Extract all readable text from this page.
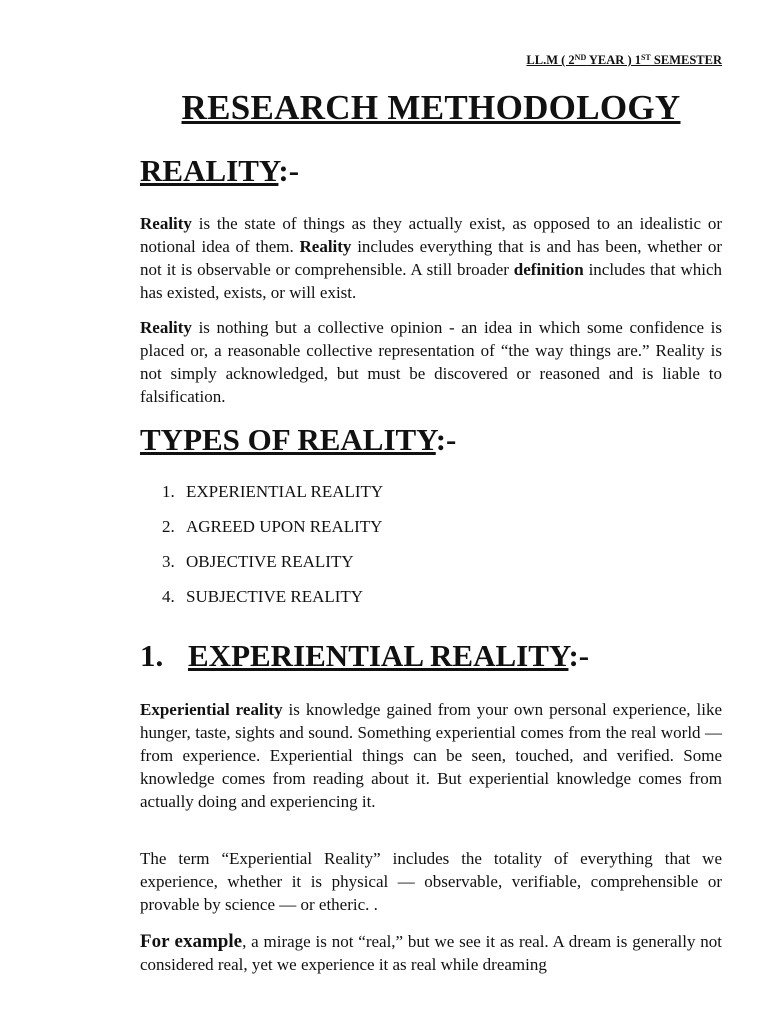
LL.M ( 2ND YEAR ) 1ST SEMESTER
RESEARCH METHODOLOGY
REALITY:-

Reality is the state of things as they actually exist, as opposed to an idealistic or notional idea of them. Reality includes everything that is and has been, whether or not it is observable or comprehensible. A still broader definition includes that which has existed, exists, or will exist.

Reality is nothing but a collective opinion - an idea in which some confidence is placed or, a reasonable collective representation of “the way things are.” Reality is not simply acknowledged, but must be discovered or reasoned and is liable to falsification.

TYPES OF REALITY:-
1. EXPERIENTIAL REALITY
2. AGREED UPON REALITY
3. OBJECTIVE REALITY
4. SUBJECTIVE REALITY
1. EXPERIENTIAL REALITY:-

Experiential reality is knowledge gained from your own personal experience, like hunger, taste, sights and sound. Something experiential comes from the real world — from experience. Experiential things can be seen, touched, and verified. Some knowledge comes from reading about it. But experiential knowledge comes from actually doing and experiencing it.

The term “Experiential Reality” includes the totality of everything that we experience, whether it is physical — observable, verifiable, comprehensible or provable by science — or etheric. .

For example, a mirage is not “real,” but we see it as real. A dream is generally not considered real, yet we experience it as real while dreaming
